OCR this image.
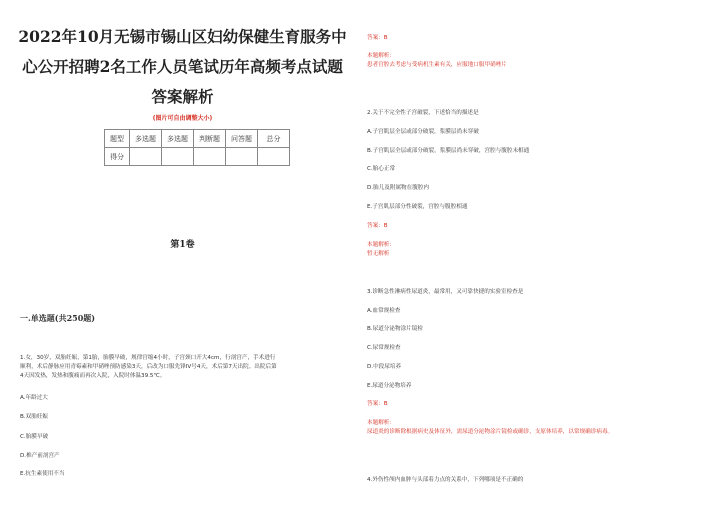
2022年10月无锡市锡山区妇幼保健生育服务中
心公开招聘2名工作人员笔试历年高频考点试题
答案解析
(图片可自由调整大小)
题型	多选题	多选题	判断题	问答题	总分
得分					
第1卷
一.单选题(共250题)
1.女，30岁，双胎妊娠，第1胎，胎膜早破，规律宫缩4小时，子宫颈口开大4cm，行剖宫产，手术进行
顺利，术后静脉应用青霉素和甲硝唑预防感染3天，后改为口服先锋IV号4天，术后第7天出院。出院后第
4天因发热，发热和腹痛而再次入院，入院时体温39.5℃。
A.年龄过大
B.双胎妊娠
C.胎膜早破
D.椎产前剖宫产
E.抗生素使用不当
答案：B
本题解析：
患者宫腔去考虑与受病机生素有关，应服地口服甲硝唑片
2.关于不完全性子宫破裂，下述恰当的描述是
A.子宫肌层全层或部分破裂，浆膜层尚未穿破
B.子宫肌层全层或部分破裂，浆膜层尚未穿破，宫腔与腹腔未相通
C.胎心正常
D.胎儿及附属物在腹腔内
E.子宫肌层部分性破裂，宫腔与腹腔相通
答案：B
本题解析：
暂无解析
3.诊断急性淋病性尿道炎，最常用，又可靠快捷的实验室检查是
A.血常规检查
B.尿道分泌物涂片镜检
C.尿常规检查
D.中段尿培养
E.尿道分泌物培养
答案：B
本题解析：
尿道炎的诊断除根据病史及体征外，需尿道分泌物涂片镜检或确诊，支原体培养，以常规确诊病毒。
4.外伤性颅内血肿与头部着力点的关系中，下列哪项是不正确的
